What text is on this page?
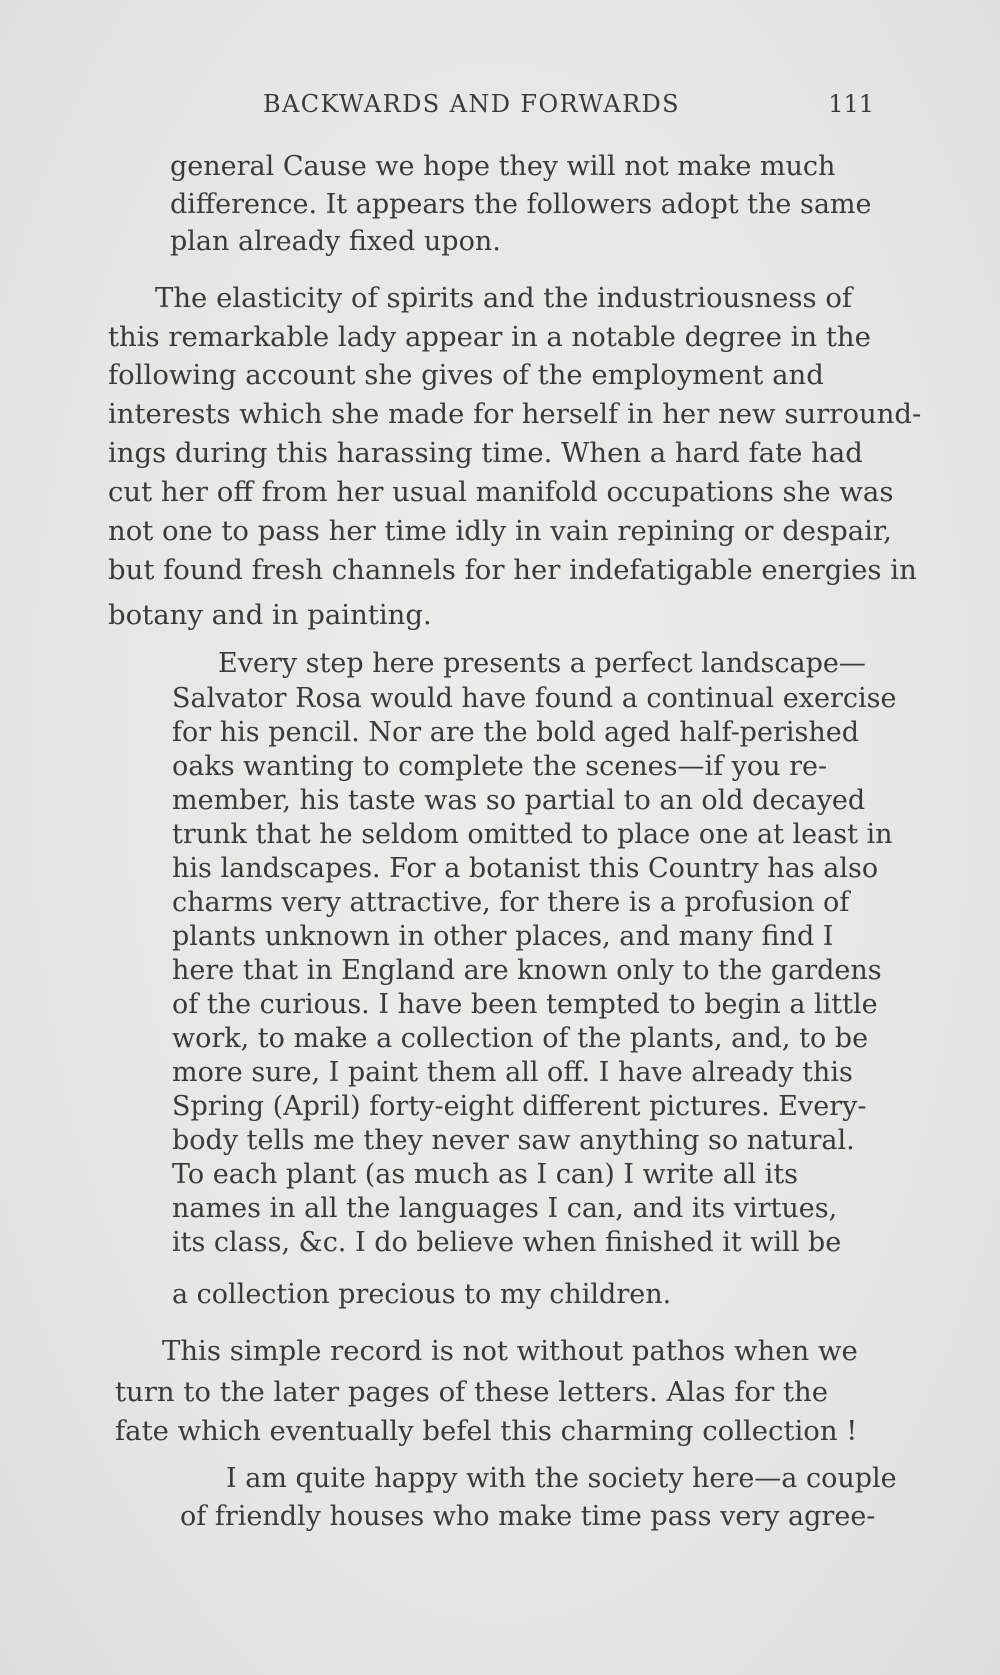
BACKWARDS AND FORWARDS	111
general Cause we hope they will not make much
difference. It appears the followers adopt the same
plan already fixed upon.
The elasticity of spirits and the industriousness of
this remarkable lady appear in a notable degree in the
following account she gives of the employment and
interests which she made for herself in her new surround-
ings during this harassing time. When a hard fate had
cut her off from her usual manifold occupations she was
not one to pass her time idly in vain repining or despair,
but found fresh channels for her indefatigable energies in
botany and in painting.
Every step here presents a perfect landscape—
Salvator Rosa would have found a continual exercise
for his pencil. Nor are the bold aged half-perished
oaks wanting to complete the scenes—if you re-
member, his taste was so partial to an old decayed
trunk that he seldom omitted to place one at least in
his landscapes. For a botanist this Country has also
charms very attractive, for there is a profusion of
plants unknown in other places, and many find I
here that in England are known only to the gardens
of the curious. I have been tempted to begin a little
work, to make a collection of the plants, and, to be
more sure, I paint them all off. I have already this
Spring (April) forty-eight different pictures. Every-
body tells me they never saw anything so natural.
To each plant (as much as I can) I write all its
names in all the languages I can, and its virtues,
its class, &c. I do believe when finished it will be
a collection precious to my children.
This simple record is not without pathos when we
turn to the later pages of these letters. Alas for the
fate which eventually befel this charming collection !
I am quite happy with the society here—a couple
of friendly houses who make time pass very agree-
